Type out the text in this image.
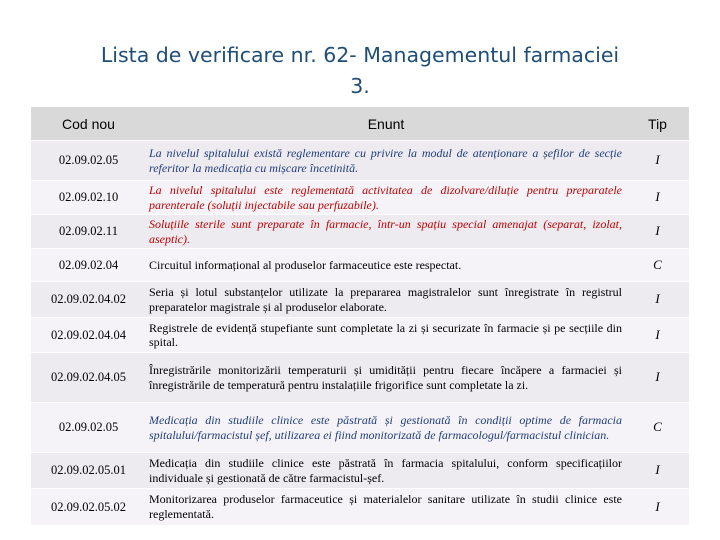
Lista de verificare nr. 62- Managementul farmaciei
3.
Cod nou	Enunt	Tip
02.09.02.05	La nivelul spitalului există reglementare cu privire la modul de atenționare a șefilor de secție referitor la medicația cu mișcare încetinită.	I
02.09.02.10	La nivelul spitalului este reglementată activitatea de dizolvare/diluție pentru preparatele parenterale (soluții injectabile sau perfuzabile).	I
02.09.02.11	Soluțiile sterile sunt preparate în farmacie, într-un spațiu special amenajat (separat, izolat, aseptic).	I
02.09.02.04	Circuitul informațional al produselor farmaceutice este respectat.	C
02.09.02.04.02	Seria și lotul substanțelor utilizate la prepararea magistralelor sunt înregistrate în registrul preparatelor magistrale și al produselor elaborate.	I
02.09.02.04.04	Registrele de evidență stupefiante sunt completate la zi și securizate în farmacie și pe secțiile din spital.	I
02.09.02.04.05	Înregistrările monitorizării temperaturii și umidității pentru fiecare încăpere a farmaciei și înregistrările de temperatură pentru instalațiile frigorifice sunt completate la zi.	I
02.09.02.05	Medicația din studiile clinice este păstrată și gestionată în condiții optime de farmacia spitalului/farmacistul șef, utilizarea ei fiind monitorizată de farmacologul/farmacistul clinician.	C
02.09.02.05.01	Medicația din studiile clinice este păstrată în farmacia spitalului, conform specificațiilor individuale și gestionată de către farmacistul-șef.	I
02.09.02.05.02	Monitorizarea produselor farmaceutice și materialelor sanitare utilizate în studii clinice este reglementată.	I
